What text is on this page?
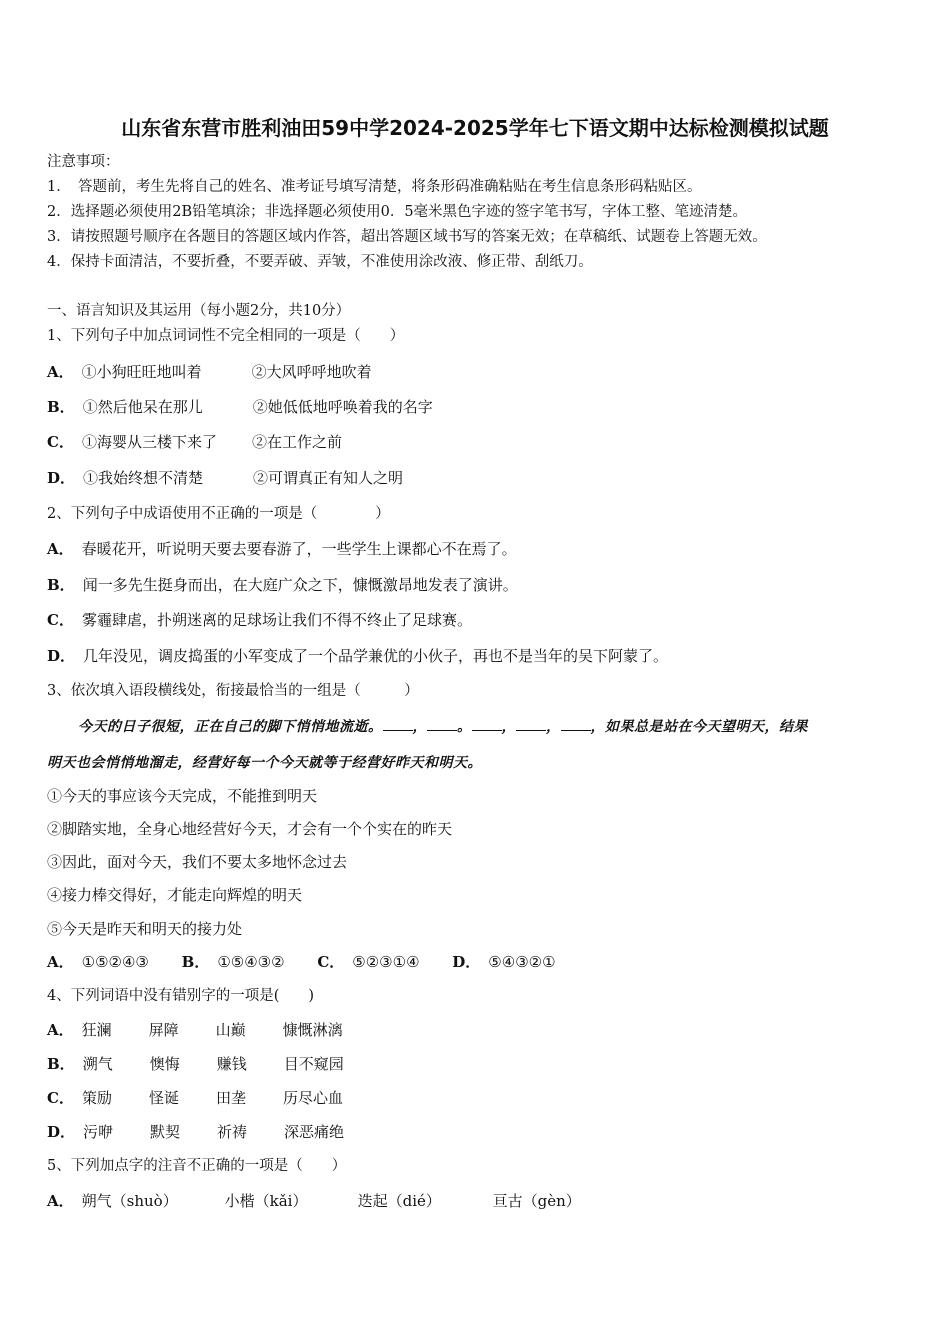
山东省东营市胜利油田59中学2024-2025学年七下语文期中达标检测模拟试题
注意事项：
1．　答题前，考生先将自己的姓名、准考证号填写清楚，将条形码准确粘贴在考生信息条形码粘贴区。
2．选择题必须使用2B铅笔填涂；非选择题必须使用0．5毫米黑色字迹的签字笔书写，字体工整、笔迹清楚。
3．请按照题号顺序在各题目的答题区域内作答，超出答题区域书写的答案无效；在草稿纸、试题卷上答题无效。
4．保持卡面清洁，不要折叠，不要弄破、弄皱，不准使用涂改液、修正带、刮纸刀。
一、语言知识及其运用（每小题2分，共10分）
1、下列句子中加点词词性不完全相同的一项是（　　）
A． ①小狗旺旺地叫着	②大风呼呼地吹着
B． ①然后他呆在那儿	②她低低地呼唤着我的名字
C． ①海婴从三楼下来了 ②在工作之前
D． ①我始终想不清楚	②可谓真正有知人之明
2、下列句子中成语使用不正确的一项是（　　　　）
A． 春暖花开，听说明天要去要春游了，一些学生上课都心不在焉了。
B． 闻一多先生挺身而出，在大庭广众之下，慷慨激昂地发表了演讲。
C． 雾霾肆虐，扑朔迷离的足球场让我们不得不终止了足球赛。
D． 几年没见，调皮捣蛋的小军变成了一个品学兼优的小伙子，再也不是当年的吴下阿蒙了。
3、依次填入语段横线处，衔接最恰当的一组是（　　　）
今天的日子很短，正在自己的脚下悄悄地流逝。 ， 。 ， ， ，如果总是站在今天望明天，结果
明天也会悄悄地溜走，经营好每一个今天就等于经营好昨天和明天。
①今天的事应该今天完成，不能推到明天
②脚踏实地，全身心地经营好今天，才会有一个个实在的昨天
③因此，面对今天，我们不要太多地怀念过去
④接力棒交得好，才能走向辉煌的明天
⑤今天是昨天和明天的接力处
A． ①⑤②④③ B． ①⑤④③② C． ⑤②③①④ D． ⑤④③②①
4、下列词语中没有错别字的一项是(　　)
A． 狂澜 屏障 山巅 慷慨淋漓
B． 溯气 懊悔 赚钱 目不窥园
C． 策励 怪诞 田垄 历尽心血
D． 污咿 默契 祈祷 深恶痛绝
5、下列加点字的注音不正确的一项是（　　）
A． 朔气（shuò）	小楷（kǎi）	迭起（dié）	亘古（gèn）
